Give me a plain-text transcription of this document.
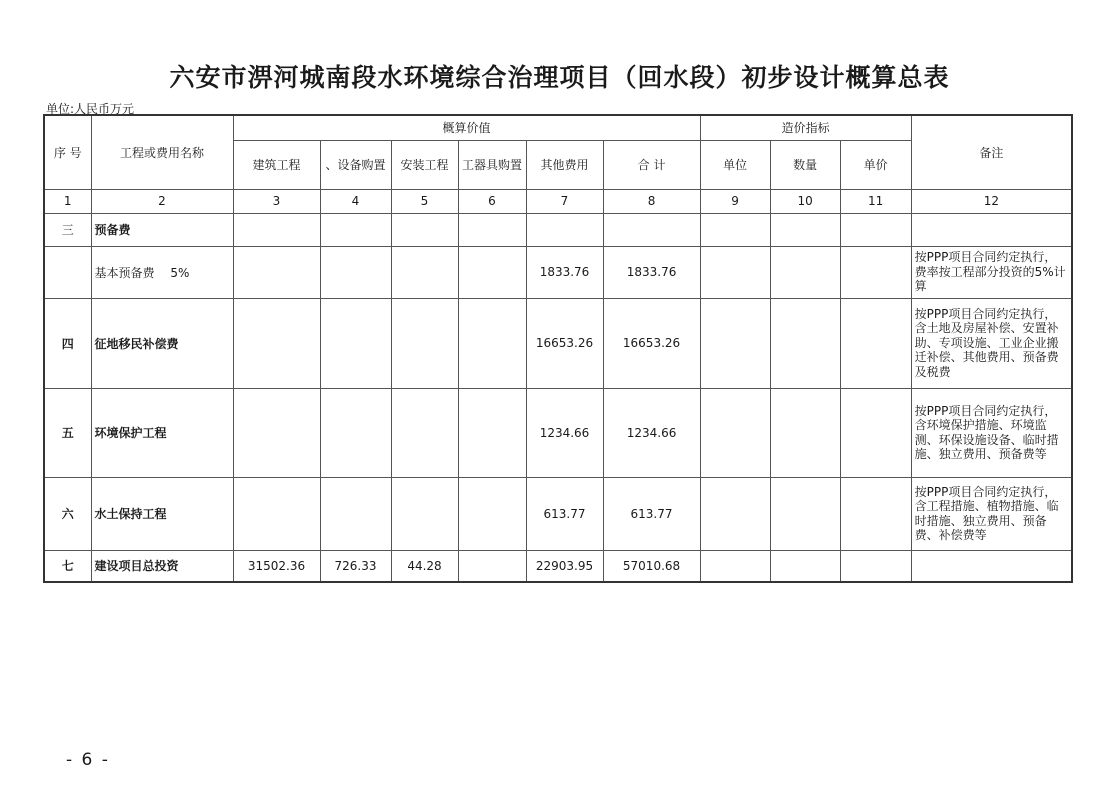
六安市淠河城南段水环境综合治理项目（回水段）初步设计概算总表
单位:人民币万元
序 号	工程或费用名称	概算价值						造价指标			备注
		建筑工程	、设备购置	安装工程	工器具购置	其他费用	合 计	单位	数量	单价	
1	2	3	4	5	6	7	8	9	10	11	12
三	预备费										
	基本预备费　 5%					1833.76	1833.76				按PPP项目合同约定执行，费率按工程部分投资的5%计算
四	征地移民补偿费					16653.26	16653.26				按PPP项目合同约定执行，含土地及房屋补偿、安置补助、专项设施、工业企业搬迁补偿、其他费用、预备费及税费
五	环境保护工程					1234.66	1234.66				按PPP项目合同约定执行，含环境保护措施、环境监测、环保设施设备、临时措施、独立费用、预备费等
六	水土保持工程					613.77	613.77				按PPP项目合同约定执行，含工程措施、植物措施、临时措施、独立费用、预备费、补偿费等
七	建设项目总投资	31502.36	726.33	44.28		22903.95	57010.68				
- 6 -
